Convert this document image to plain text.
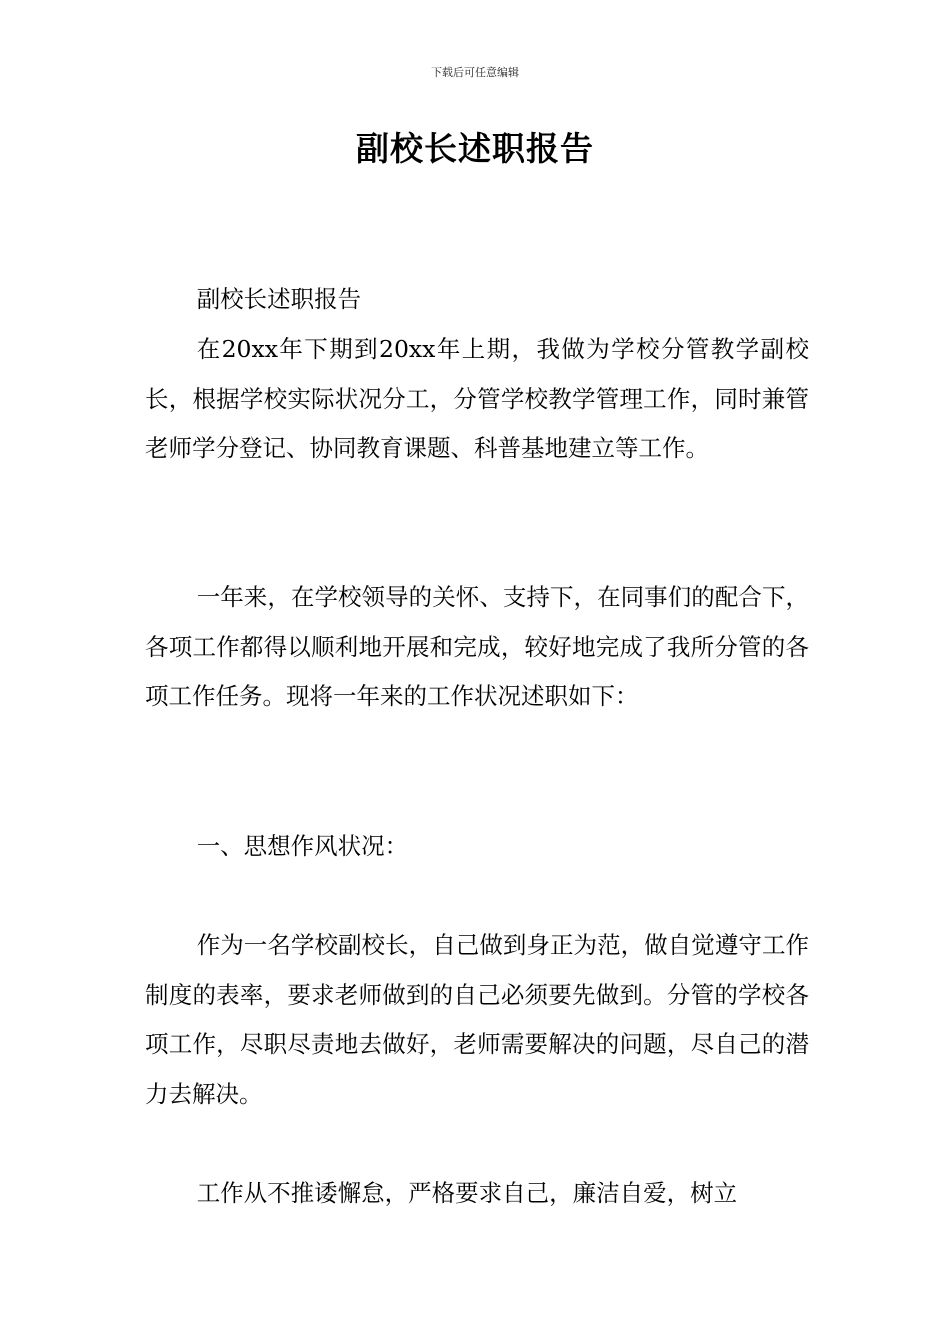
下载后可任意编辑
副校长述职报告

副校长述职报告

在20xx年下期到20xx年上期，我做为学校分管教学副校长，根据学校实际状况分工，分管学校教学管理工作，同时兼管老师学分登记、协同教育课题、科普基地建立等工作。

一年来，在学校领导的关怀、支持下，在同事们的配合下，各项工作都得以顺利地开展和完成，较好地完成了我所分管的各项工作任务。现将一年来的工作状况述职如下：

一、思想作风状况：

作为一名学校副校长，自己做到身正为范，做自觉遵守工作制度的表率，要求老师做到的自己必须要先做到。分管的学校各项工作，尽职尽责地去做好，老师需要解决的问题，尽自己的潜力去解决。

工作从不推诿懈怠，严格要求自己，廉洁自爱，树立
